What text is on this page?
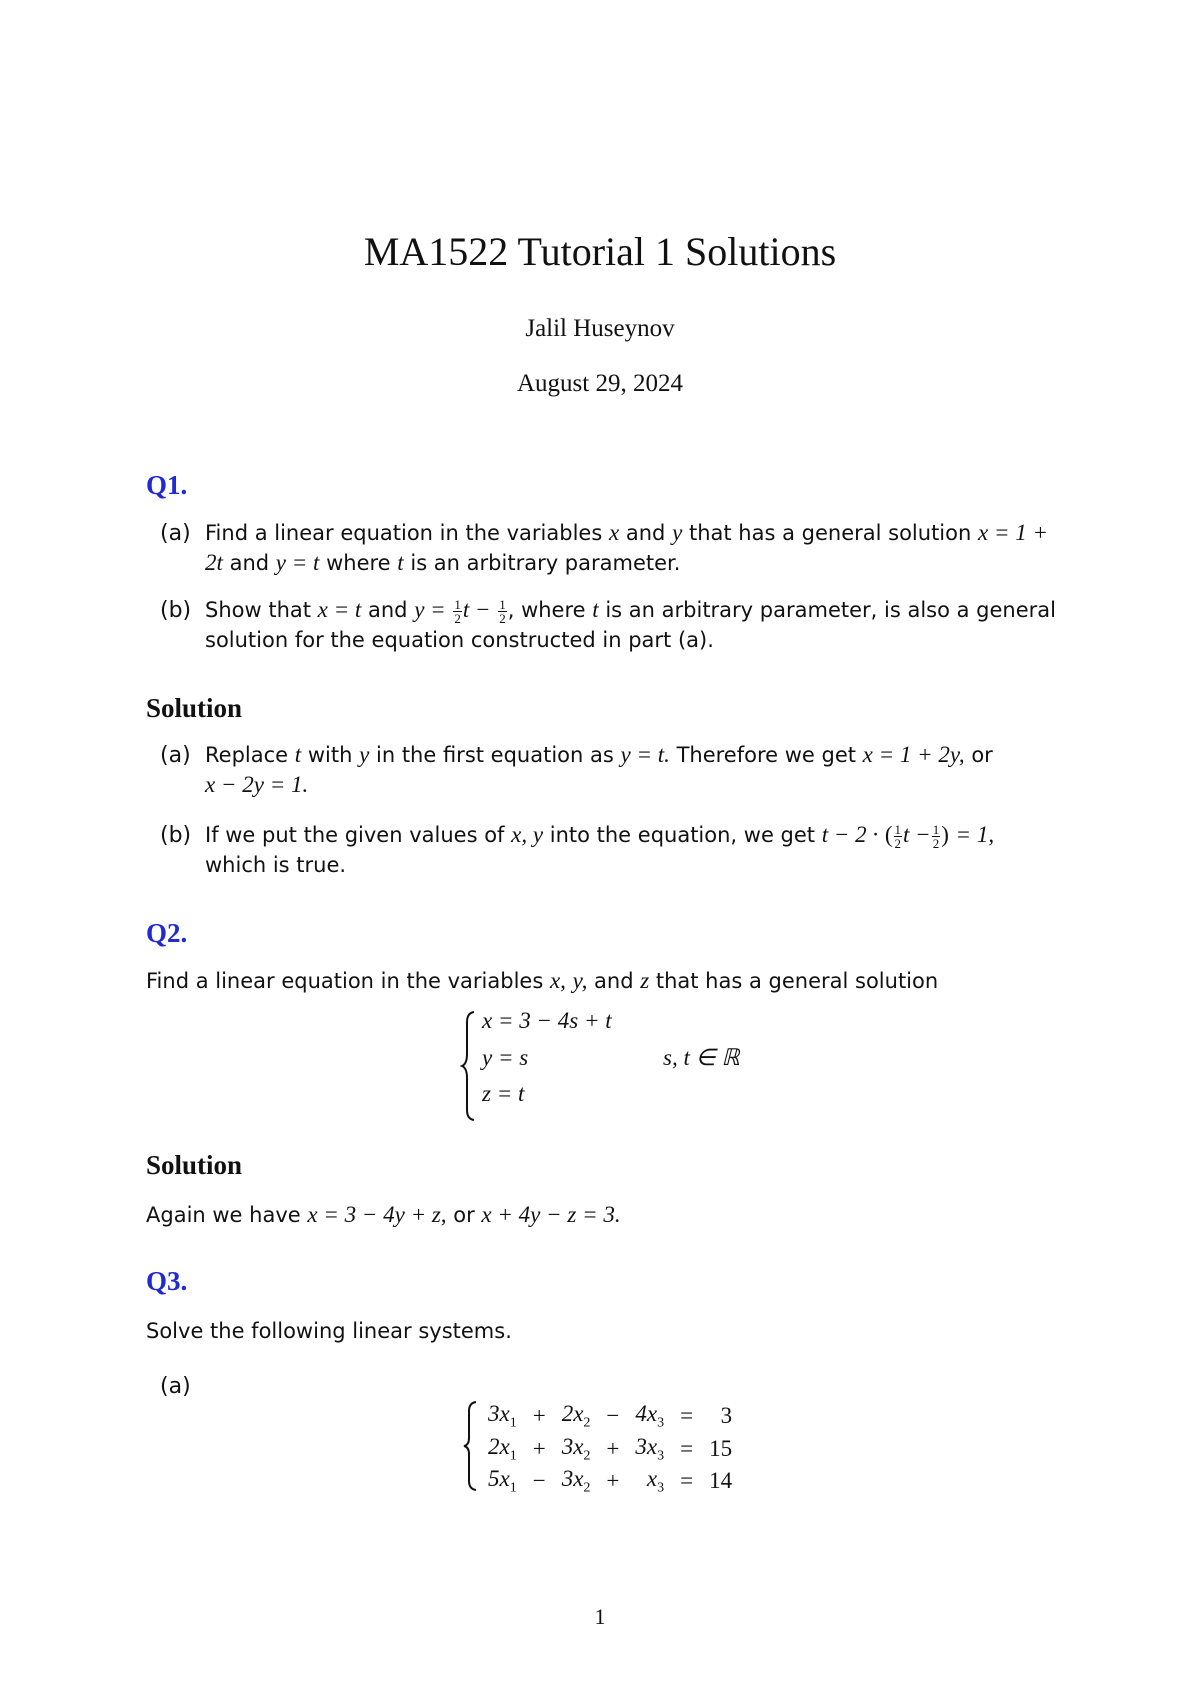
MA1522 Tutorial 1 Solutions
Jalil Huseynov
August 29, 2024
Q1.
(a) Find a linear equation in the variables x and y that has a general solution x = 1 + 2t and y = t where t is an arbitrary parameter.
(b) Show that x = t and $y = \frac{1}{2}$ $t - \frac{1}{2}$ , where t is an arbitrary parameter, is also a general solution for the equation constructed in part (a).
Solution
(a) Replace t with y in the first equation as y = t. Therefore we get x = 1 + 2y, or
x − 2y = 1.
(b) If we put the given values of x, y into the equation, we get t − 2 · ( $\frac{1}{2}$ $t - \frac{1}{2}$ ) = 1,
which is true.
Q2.
Find a linear equation in the variables x, y, and z that has a general solution
x = 3 − 4s + t
y = s
z = t
s, t ∈ ℝ
Solution
Again we have x = 3 − 4y + z, or x + 4y − z = 3.
Q3.
Solve the following linear systems.
(a)
$3x_1$	+	$2x_2$	−	$4x_3$	=	3
$2x_1$	+	$3x_2$	+	$3x_3$	=	15
$5x_1$	−	$3x_2$	+	$x_3$	=	14
1
